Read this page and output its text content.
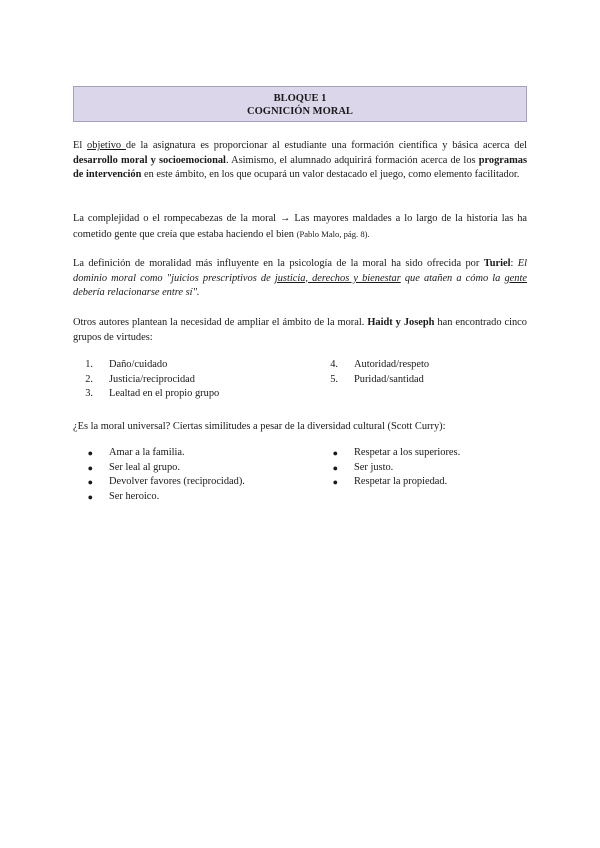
BLOQUE 1
COGNICIÓN MORAL
El objetivo de la asignatura es proporcionar al estudiante una formación científica y básica acerca del desarrollo moral y socioemocional. Asimismo, el alumnado adquirirá formación acerca de los programas de intervención en este ámbito, en los que ocupará un valor destacado el juego, como elemento facilitador.
La complejidad o el rompecabezas de la moral → Las mayores maldades a lo largo de la historia las ha cometido gente que creía que estaba haciendo el bien (Pablo Malo, pág. 8).
La definición de moralidad más influyente en la psicología de la moral ha sido ofrecida por Turiel: El dominio moral como "juicios prescriptivos de justicia, derechos y bienestar que atañen a cómo la gente debería relacionarse entre sí".
Otros autores plantean la necesidad de ampliar el ámbito de la moral. Haidt y Joseph han encontrado cinco grupos de virtudes:
1.	Daño/cuidado
2.	Justicia/reciprocidad
3.	Lealtad en el propio grupo
4.	Autoridad/respeto
5.	Puridad/santidad
¿Es la moral universal? Ciertas similitudes a pesar de la diversidad cultural (Scott Curry):
●	Amar a la familia.
●	Ser leal al grupo.
●	Devolver favores (reciprocidad).
●	Ser heroico.
●	Respetar a los superiores.
●	Ser justo.
●	Respetar la propiedad.
